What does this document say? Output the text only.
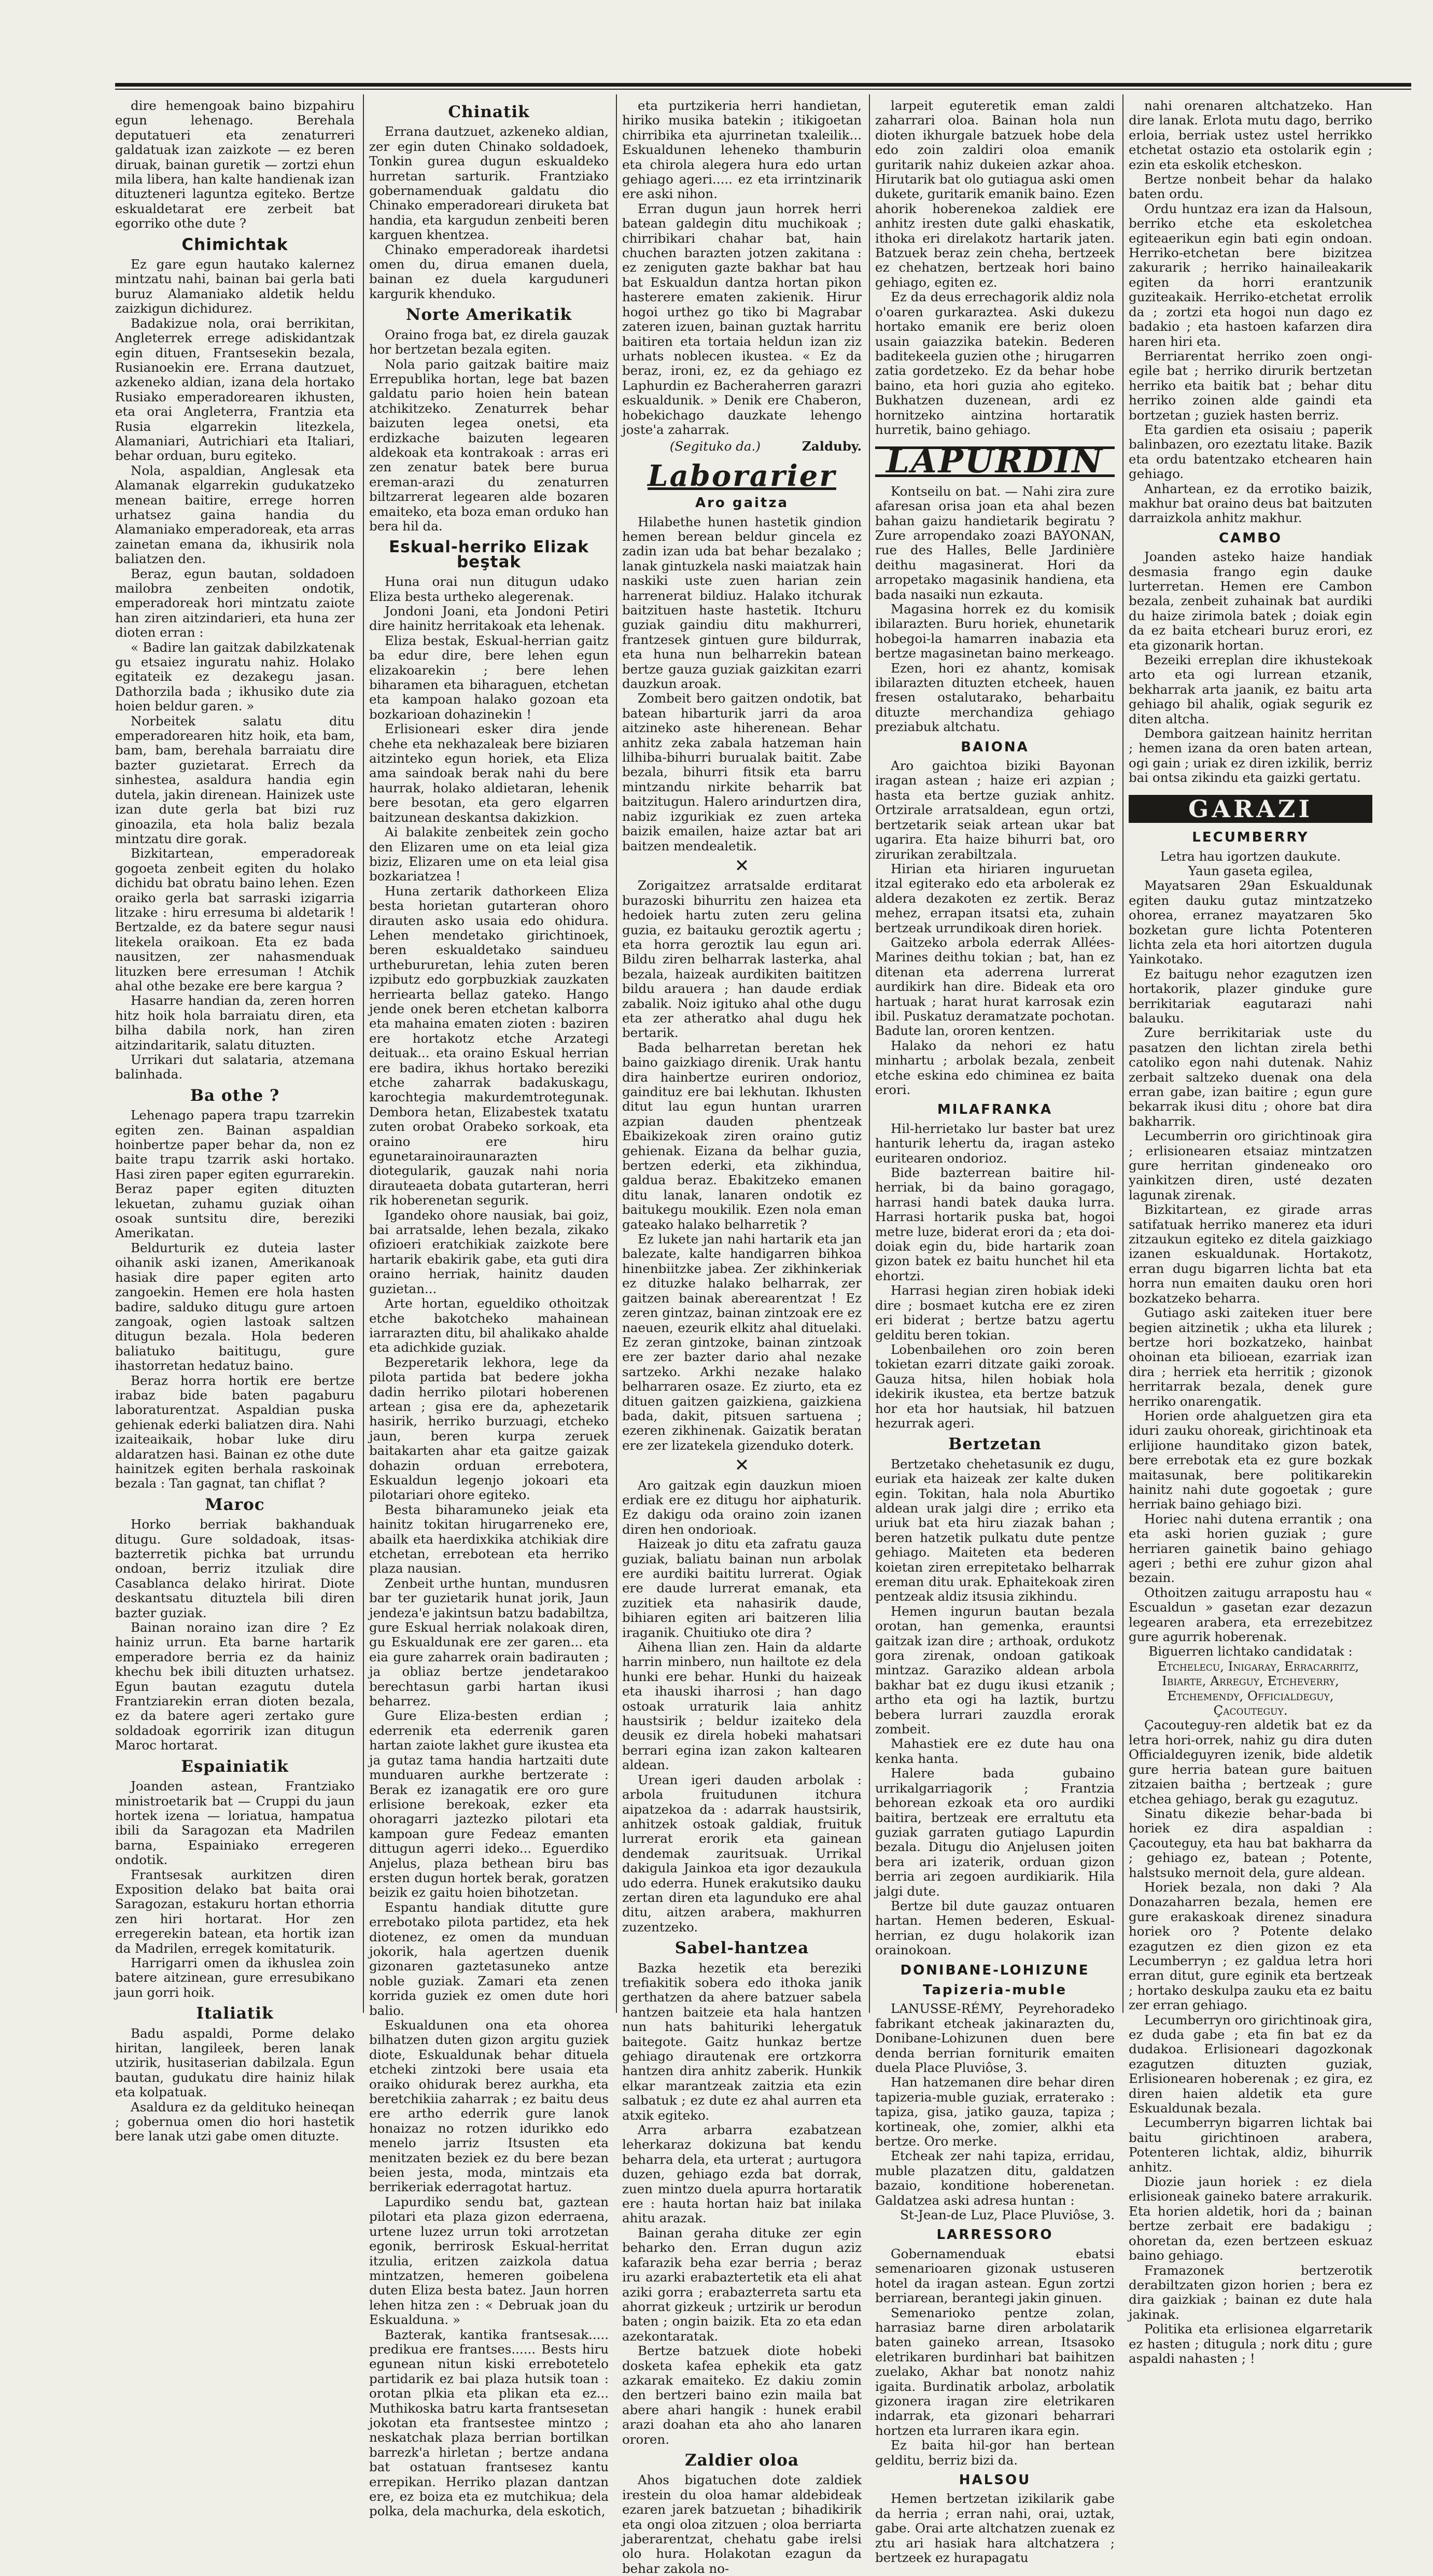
dire hemengoak baino bizpahiru egun lehenago. Berehala deputatueri eta zenaturreri galdatuak izan zaizkote — ez beren diruak, bainan guretik — zortzi ehun mila libera, han kalte handienak izan dituzteneri laguntza egiteko. Bertze eskualdetarat ere zerbeit bat egorriko othe dute ?

Chimichtak

Ez gare egun hautako kalernez mintzatu nahi, bainan bai gerla bati buruz Alamaniako aldetik heldu zaizkigun dichidurez.

Badakizue nola, orai berrikitan, Angleterrek errege adiskidantzak egin dituen, Frantsesekin bezala, Rusianoekin ere. Errana dautzuet, azkeneko aldian, izana dela hortako Rusiako emperadorearen ikhusten, eta orai Angleterra, Frantzia eta Rusia elgarrekin litezkela, Alamaniari, Autrichiari eta Italiari, behar orduan, buru egiteko.

Nola, aspaldian, Anglesak eta Alamanak elgarrekin gudukatzeko menean baitire, errege horren urhatsez gaina handia du Alamaniako emperadoreak, eta arras zainetan emana da, ikhusirik nola baliatzen den.

Beraz, egun bautan, soldadoen mailobra zenbeiten ondotik, emperadoreak hori mintzatu zaiote han ziren aitzindarieri, eta huna zer dioten erran :

« Badire lan gaitzak dabilzkatenak gu etsaiez inguratu nahiz. Holako egitateik ez dezakegu jasan. Dathorzila bada ; ikhusiko dute zia hoien beldur garen. »

Norbeitek salatu ditu emperadorearen hitz hoik, eta bam, bam, bam, berehala barraiatu dire bazter guzietarat. Errech da sinhestea, asaldura handia egin dutela, jakin direnean. Hainizek uste izan dute gerla bat bizi ruz ginoazila, eta hola baliz bezala mintzatu dire gorak.

Bizkitartean, emperadoreak gogoeta zenbeit egiten du holako dichidu bat obratu baino lehen. Ezen oraiko gerla bat sarraski izigarria litzake : hiru erresuma bi aldetarik ! Bertzalde, ez da batere segur nausi litekela oraikoan. Eta ez bada nausitzen, zer nahasmenduak lituzken bere erresuman ! Atchik ahal othe bezake ere bere kargua ?

Hasarre handian da, zeren horren hitz hoik hola barraiatu diren, eta bilha dabila nork, han ziren aitzindaritarik, salatu dituzten.

Urrikari dut salataria, atzemana balinhada.

Ba othe ?

Lehenago papera trapu tzarrekin egiten zen. Bainan aspaldian hoinbertze paper behar da, non ez baite trapu tzarrik aski hortako. Hasi ziren paper egiten egurrarekin. Beraz paper egiten dituzten lekuetan, zuhamu guziak oihan osoak suntsitu dire, bereziki Amerikatan.

Beldurturik ez duteia laster oihanik aski izanen, Amerikanoak hasiak dire paper egiten arto zangoekin. Hemen ere hola hasten badire, salduko ditugu gure artoen zangoak, ogien lastoak saltzen ditugun bezala. Hola bederen baliatuko baititugu, gure ihastorretan hedatuz baino.

Beraz horra hortik ere bertze irabaz bide baten pagaburu laboraturentzat. Aspaldian puska gehienak ederki baliatzen dira. Nahi izaiteaikaik, hobar luke diru aldaratzen hasi. Bainan ez othe dute hainitzek egiten berhala raskoinak bezala : Tan gagnat, tan chiflat ?

Maroc

Horko berriak bakhanduak ditugu. Gure soldadoak, itsas-bazterretik pichka bat urrundu ondoan, berriz itzuliak dire Casablanca delako hirirat. Diote deskantsatu dituztela bili diren bazter guziak.

Bainan noraino izan dire ? Ez hainiz urrun. Eta barne hartarik emperadore berria ez da hainiz khechu bek ibili dituzten urhatsez. Egun bautan ezagutu dutela Frantziarekin erran dioten bezala, ez da batere ageri zertako gure soldadoak egorririk izan ditugun Maroc hortarat.

Espainiatik

Joanden astean, Frantziako ministroetarik bat — Cruppi du jaun hortek izena — loriatua, hampatua ibili da Saragozan eta Madrilen barna, Espainiako erregeren ondotik.

Frantsesak aurkitzen diren Exposition delako bat baita orai Saragozan, estakuru hortan ethorria zen hiri hortarat. Hor zen erregerekin batean, eta hortik izan da Madrilen, erregek komitaturik.

Harrigarri omen da ikhuslea zoin batere aitzinean, gure erresubikano jaun gorri hoik.

Italiatik

Badu aspaldi, Porme delako hiritan, langileek, beren lanak utzirik, husitaserian dabilzala. Egun bautan, gudukatu dire hainiz hilak eta kolpatuak.

Asaldura ez da geldituko heineqan ; gobernua omen dio hori hastetik bere lanak utzi gabe omen dituzte.

Chinatik

Errana dautzuet, azkeneko aldian, zer egin duten Chinako soldadoek, Tonkin gurea dugun eskualdeko hurretan sarturik. Frantziako gobernamenduak galdatu dio Chinako emperadoreari diruketa bat handia, eta kargudun zenbeiti beren karguen khentzea.

Chinako emperadoreak ihardetsi omen du, dirua emanen duela, bainan ez duela karguduneri kargurik khenduko.

Norte Amerikatik

Oraino froga bat, ez direla gauzak hor bertzetan bezala egiten.

Nola pario gaitzak baitire maiz Errepublika hortan, lege bat bazen galdatu pario hoien hein batean atchikitzeko. Zenaturrek behar baizuten legea onetsi, eta erdizkache baizuten legearen aldekoak eta kontrakoak : arras eri zen zenatur batek bere burua ereman-arazi du zenaturren biltzarrerat legearen alde bozaren emaiteko, eta boza eman orduko han bera hil da.

Eskual-herriko Elizak beştak

Huna orai nun ditugun udako Eliza besta urtheko alegerenak.

Jondoni Joani, eta Jondoni Petiri dire hainitz herritakoak eta lehenak.

Eliza bestak, Eskual-herrian gaitz ba edur dire, bere lehen egun elizakoarekin ; bere lehen biharamen eta biharaguen, etchetan eta kampoan halako gozoan eta bozkarioan dohazinekin !

Erlisioneari esker dira jende chehe eta nekhazaleak bere biziaren aitzinteko egun horiek, eta Eliza ama saindoak berak nahi du bere haurrak, holako aldietaran, lehenik bere besotan, eta gero elgarren baitzunean deskantsa dakizkion.

Ai balakite zenbeitek zein gocho den Elizaren ume on eta leial giza biziz, Elizaren ume on eta leial gisa bozkariatzea !

Huna zertarik dathorkeen Eliza besta horietan gutarteran ohoro dirauten asko usaia edo ohidura. Lehen mendetako girichtinoek, beren eskualdetako saindueu urthebururetan, lehia zuten beren izpibutz edo gorpbuzkiak zauzkaten herriearta bellaz gateko. Hango jende onek beren etchetan kalborra eta mahaina ematen zioten : baziren ere hortakotz etche Arzategi deituak... eta oraino Eskual herrian ere badira, ikhus hortako bereziki etche zaharrak badakuskagu, karochtegia makurdemtrotegunak. Dembora hetan, Elizabestek txatatu zuten orobat Orabeko sorkoak, eta oraino ere hiru egunetarainoiraunarazten diotegularik, gauzak nahi noria dirauteaeta dobata gutarteran, herri rik hoberenetan segurik.

Igandeko ohore nausiak, bai goiz, bai arratsalde, lehen bezala, zikako ofizioeri eratchikiak zaizkote bere hartarik ebakirik gabe, eta guti dira oraino herriak, hainitz dauden guzietan...

Arte hortan, egueldiko othoitzak etche bakotcheko mahainean iarrarazten ditu, bil ahalikako ahalde eta adichkide guziak.

Bezperetarik lekhora, lege da pilota partida bat bedere jokha dadin herriko pilotari hoberenen artean ; gisa ere da, aphezetarik hasirik, herriko burzuagi, etcheko jaun, beren kurpa zeruek baitakarten ahar eta gaitze gaizak dohazin orduan errebotera, Eskualdun legenjo jokoari eta pilotariari ohore egiteko.

Besta biharamuneko jeiak eta hainitz tokitan hirugarreneko ere, abailk eta haerdixkika atchikiak dire etchetan, errebotean eta herriko plaza nausian.

Zenbeit urthe huntan, mundusren bar ter guzietarik hunat jorik, Jaun jendeza'e jakintsun batzu badabiltza, gure Eskual herriak nolakoak diren, gu Eskualdunak ere zer garen... eta eia gure zaharrek orain badirauten ; ja obliaz bertze jendetarakoo berechtasun garbi hartan ikusi beharrez.

Gure Eliza-besten erdian ; ederrenik eta ederrenik garen hartan zaiote lakhet gure ikustea eta ja gutaz tama handia hartzaiti dute munduaren aurkhe bertzerate : Berak ez izanagatik ere oro gure erlisione berekoak, ezker eta ohoragarri jaztezko pilotari eta kampoan gure Fedeaz emanten dittugun agerri ideko... Eguerdiko Anjelus, plaza bethean biru bas ersten dugun hortek berak, goratzen beizik ez gaitu hoien bihotzetan.

Espantu handiak ditutte gure errebotako pilota partidez, eta hek diotenez, ez omen da munduan jokorik, hala agertzen duenik gizonaren gaztetasuneko antze noble guziak. Zamari eta zenen korrida guziek ez omen dute hori balio.

Eskualdunen ona eta ohorea bilhatzen duten gizon argitu guziek diote, Eskualdunak behar dituela etcheki zintzoki bere usaia eta oraiko ohidurak berez aurkha, eta beretchikiia zaharrak ; ez baitu deus ere artho ederrik gure lanok honaizaz no rotzen idurikko edo menelo jarriz Itsusten eta menitzaten beziek ez du bere bezan beien jesta, moda, mintzais eta berrikeriak ederragotat hartuz.

Lapurdiko sendu bat, gaztean pilotari eta plaza gizon ederraena, urtene luzez urrun toki arrotzetan egonik, berrirosk Eskual-herritat itzulia, eritzen zaizkola datua mintzatzen, hemeren goibelena duten Eliza besta batez. Jaun horren lehen hitza zen : « Debruak joan du Eskualduna. »

Bazterak, kantika frantsesak..... predikua ere frantses...... Bests hiru egunean nitun kiski errebotetelo partidarik ez bai plaza hutsik toan : orotan plkia eta plikan eta ez... Muthikoska batru karta frantsesetan jokotan eta frantsestee mintzo ; neskatchak plaza berrian bortilkan barrezk'a hirletan ; bertze andana bat ostatuan frantsesez kantu errepikan. Herriko plazan dantzan ere, ez boiza eta ez mutchikua; dela polka, dela machurka, dela eskotich,

eta purtzikeria herri handietan, hiriko musika batekin ; itikigoetan chirribika eta ajurrinetan txaleilik... Eskualdunen leheneko thamburin eta chirola alegera hura edo urtan gehiago ageri..... ez eta irrintzinarik ere aski nihon.

Erran dugun jaun horrek herri batean galdegin ditu muchikoak ; chirribikari chahar bat, hain chuchen barazten jotzen zakitana : ez zeniguten gazte bakhar bat hau bat Eskualdun dantza hortan pikon hasterere ematen zakienik. Hirur hogoi urthez go tiko bi Magrabar zateren izuen, bainan guztak harritu baitiren eta tortaia heldun izan ziz urhats noblecen ikustea. « Ez da beraz, ironi, ez, ez da gehiago ez Laphurdin ez Bacheraherren garazri eskualdunik. » Denik ere Chaberon, hobekichago dauzkate lehengo joste'a zaharrak.

(Segituko da.)	Zalduby.
Laborarier
Aro gaitza

Hilabethe hunen hastetik gindion hemen berean beldur gincela ez zadin izan uda bat behar bezalako ; lanak gintuzkela naski maiatzak hain naskiki uste zuen harian zein harrenerat bildiuz. Halako itchurak baitzituen haste hastetik. Itchuru guziak gaindiu ditu makhurreri, frantzesek gintuen gure bildurrak, eta huna nun belharrekin batean bertze gauza guziak gaizkitan ezarri dauzkun aroak.

Zombeit bero gaitzen ondotik, bat batean hibarturik jarri da aroa aitzineko aste hiherenean. Behar anhitz zeka zabala hatzeman hain lilhiba-bihurri burualak baitit. Zabe bezala, bihurri fitsik eta barru mintzandu nirkite beharrik bat baitzitugun. Halero arindurtzen dira, nabiz izgurikiak ez zuen arteka baizik emailen, haize aztar bat ari baitzen mendealetik.

✕

Zorigaitzez arratsalde erditarat burazoski bihurritu zen haizea eta hedoiek hartu zuten zeru gelina guzia, ez baitauku geroztik agertu ; eta horra geroztik lau egun ari. Bildu ziren belharrak lasterka, ahal bezala, haizeak aurdikiten baititzen bildu arauera ; han daude erdiak zabalik. Noiz igituko ahal othe dugu eta zer atheratko ahal dugu hek bertarik.

Bada belharretan beretan hek baino gaizkiago direnik. Urak hantu dira hainbertze euriren ondorioz, gaindituz ere bai lekhutan. Ikhusten ditut lau egun huntan urarren azpian dauden phentzeak Ebaikizekoak ziren oraino gutiz gehienak. Eizana da belhar guzia, bertzen ederki, eta zikhindua, galdua beraz. Ebakitzeko emanen ditu lanak, lanaren ondotik ez baitukegu moukilik. Ezen nola eman gateako halako belharretik ?

Ez lukete jan nahi hartarik eta jan balezate, kalte handigarren bihkoa hinenbiitzke jabea. Zer zikhinkeriak ez dituzke halako belharrak, zer gaitzen bainak aberearentzat ! Ez zeren gintzaz, bainan zintzoak ere ez naeuen, ezeurik elkitz ahal dituelaki. Ez zeran gintzoke, bainan zintzoak ere zer bazter dario ahal nezake sartzeko. Arkhi nezake halako belharraren osaze. Ez ziurto, eta ez dituen gaitzen gaizkiena, gaizkiena bada, dakit, pitsuen sartuena ; ezeren zikhinenak. Gaizatik beratan ere zer lizatekela gizenduko doterk.

✕

Aro gaitzak egin dauzkun mioen erdiak ere ez ditugu hor aiphaturik. Ez dakigu oda oraino zoin izanen diren hen ondorioak.

Haizeak jo ditu eta zafratu gauza guziak, baliatu bainan nun arbolak ere aurdiki baititu lurrerat. Ogiak ere daude lurrerat emanak, eta zuzitiek eta nahasirik daude, bihiaren egiten ari baitzeren lilia iraganik. Chuitiuko ote dira ?

Aihena llian zen. Hain da aldarte harrin minbero, nun hailtote ez dela hunki ere behar. Hunki du haizeak eta ihauski iharrosi ; han dago ostoak urraturik laia anhitz haustsirik ; beldur izaiteko dela deusik ez direla hobeki mahatsari berrari egina izan zakon kaltearen aldean.

Urean igeri dauden arbolak : arbola fruitudunen itchura aipatzekoa da : adarrak haustsirik, anhitzek ostoak galdiak, fruituk lurrerat erorik eta gainean dendemak zauritsuak. Urrikal dakigula Jainkoa eta igor dezaukula udo ederra. Hunek erakutsiko dauku zertan diren eta lagunduko ere ahal ditu, aitzen arabera, makhurren zuzentzeko.

Sabel-hantzea

Bazka hezetik eta bereziki trefiakitik sobera edo ithoka janik gerthatzen da ahere batzuer sabela hantzen baitzeie eta hala hantzen nun hats bahituriki lehergatuk baitegote. Gaitz hunkaz bertze gehiago dirautenak ere ortzkorra hantzen dira anhitz zaberik. Hunkik elkar marantzeak zaitzia eta ezin salbatuk ; ez dute ez ahal aurren eta atxik egiteko.

Arra arbarra ezabatzean leherkaraz dokizuna bat kendu beharra dela, eta urterat ; aurtugora duzen, gehiago ezda bat dorrak, zuen mintzo duela apurra hortaratik ere : hauta hortan haiz bat inilaka ahitu arazak.

Bainan geraha dituke zer egin beharko den. Erran dugun aziz kafarazik beha ezar berria ; beraz iru azarki erabaztertetik eta eli ahat aziki gorra ; erabazterreta sartu eta ahorrat gizkeuk ; urtzirik ur berodun baten ; ongin baizik. Eta zo eta edan azekontaratak.

Bertze batzuek diote hobeki dosketa kafea ephekik eta gatz azkarak emaiteko. Ez dakiu zomin den bertzeri baino ezin maila bat abere ahari hangik : hunek erabil arazi doahan eta aho aho lanaren ororen.

Zaldier oloa

Ahos bigatuchen dote zaldiek irestein du oloa hamar aldebideak ezaren jarek batzuetan ; bihadikirik eta ongi oloa zitzuen ; oloa berriarta jaberarentzat, chehatu gabe irelsi olo hura. Holakotan ezagun da behar zakola no-

larpeit eguteretik eman zaldi zaharrari oloa. Bainan hola nun dioten ikhurgale batzuek hobe dela edo zoin zaldiri oloa emanik guritarik nahiz dukeien azkar ahoa. Hirutarik bat olo gutiagua aski omen dukete, guritarik emanik baino. Ezen ahorik hoberenekoa zaldiek ere anhitz iresten dute galki ehaskatik, ithoka eri direlakotz hartarik jaten. Batzuek beraz zein cheha, bertzeek ez chehatzen, bertzeak hori baino gehiago, egiten ez.

Ez da deus errechagorik aldiz nola o'oaren gurkaraztea. Aski dukezu hortako emanik ere beriz oloen usain gaiazzika batekin. Bederen baditekeela guzien othe ; hirugarren zatia gordetzeko. Ez da behar hobe baino, eta hori guzia aho egiteko. Bukhatzen duzenean, ardi ez hornitzeko aintzina hortaratik hurretik, baino gehiago.

LAPURDIN

Kontseilu on bat. — Nahi zira zure afaresan orisa joan eta ahal bezen bahan gaizu handietarik begiratu ? Zure arropendako zoazi BAYONAN, rue des Halles, Belle Jardinière deithu magasinerat. Hori da arropetako magasinik handiena, eta bada nasaiki nun ezkauta.

Magasina horrek ez du komisik ibilarazten. Buru horiek, ehunetarik hobegoi-la hamarren inabazia eta bertze magasinetan baino merkeago.

Ezen, hori ez ahantz, komisak ibilarazten dituzten etcheek, hauen fresen ostalutarako, beharbaitu dituzte merchandiza gehiago preziabuk altchatu.

BAIONA

Aro gaichtoa biziki Bayonan iragan astean ; haize eri azpian ; hasta eta bertze guziak anhitz. Ortzirale arratsaldean, egun ortzi, bertzetarik seiak artean ukar bat ugarira. Eta haize bihurri bat, oro zirurikan zerabiltzala.

Hirian eta hiriaren inguruetan itzal egiterako edo eta arbolerak ez aldera dezakoten ez zertik. Beraz mehez, errapan itsatsi eta, zuhain bertzeak urrundikoak diren horiek.

Gaitzeko arbola ederrak Allées-Marines deithu tokian ; bat, han ez ditenan eta aderrena lurrerat aurdikirk han dire. Bideak eta oro hartuak ; harat hurat karrosak ezin ibil. Puskatuz deramatzate pochotan. Badute lan, ororen kentzen.

Halako da nehori ez hatu minhartu ; arbolak bezala, zenbeit etche eskina edo chiminea ez baita erori.

MILAFRANKA

Hil-herrietako lur baster bat urez hanturik lehertu da, iragan asteko euritearen ondorioz.

Bide bazterrean baitire hil-herriak, bi da baino goragago, harrasi handi batek dauka lurra. Harrasi hortarik puska bat, hogoi metre luze, biderat erori da ; eta doi-doiak egin du, bide hartarik zoan gizon batek ez baitu hunchet hil eta ehortzi.

Harrasi hegian ziren hobiak ideki dire ; bosmaet kutcha ere ez ziren eri biderat ; bertze batzu agertu gelditu beren tokian.

Lobenbailehen oro zoin beren tokietan ezarri ditzate gaiki zoroak. Gauza hitsa, hilen hobiak hola idekirik ikustea, eta bertze batzuk hor eta hor hautsiak, hil batzuen hezurrak ageri.

Bertzetan

Bertzetako chehetasunik ez dugu, euriak eta haizeak zer kalte duken egin. Tokitan, hala nola Aburtiko aldean urak jalgi dire ; erriko eta uriuk bat eta hiru ziazak bahan ; beren hatzetik pulkatu dute pentze gehiago. Maiteten eta bederen koietan ziren errepitetako belharrak ereman ditu urak. Ephaitekoak ziren pentzeak aldiz itsusia zikhindu.

Hemen ingurun bautan bezala orotan, han gemenka, erauntsi gaitzak izan dire ; arthoak, ordukotz gora zirenak, ondoan gatikoak mintzaz. Garaziko aldean arbola bakhar bat ez dugu ikusi etzanik ; artho eta ogi ha laztik, burtzu bebera lurrari zauzdla erorak zombeit.

Mahastiek ere ez dute hau ona kenka hanta.

Halere bada gubaino urrikalgarriagorik ; Frantzia behorean ezkoak eta oro aurdiki baitira, bertzeak ere erraltutu eta guziak garraten gutiago Lapurdin bezala. Ditugu dio Anjelusen joiten bera ari izaterik, orduan gizon berria ari zegoen aurdikiarik. Hila jalgi dute.

Bertze bil dute gauzaz ontuaren hartan. Hemen bederen, Eskual-herrian, ez dugu holakorik izan orainokoan.

DONIBANE-LOHIZUNE
Tapizeria-muble

LANUSSE-RÉMY, Peyrehoradeko fabrikant etcheak jakinarazten du, Donibane-Lohizunen duen bere denda berrian forniturik emaiten duela Place Pluviôse, 3.

Han hatzemanen dire behar diren tapizeria-muble guziak, erraterako : tapiza, gisa, jatiko gauza, tapiza ; kortineak, ohe, zomier, alkhi eta bertze. Oro merke.

Etcheak zer nahi tapiza, erridau, muble plazatzen ditu, galdatzen bazaio, konditione hoberenetan. Galdatzea aski adresa huntan :

St-Jean-de Luz, Place Pluviôse, 3.

LARRESSORO

Gobernamenduak ebatsi semenarioaren gizonak ustuseren hotel da iragan astean. Egun zortzi berriarean, berantegi jakin ginuen.

Semenarioko pentze zolan, harrasiaz barne diren arbolatarik baten gaineko arrean, Itsasoko eletrikaren burdinhari bat baihitzen zuelako, Akhar bat nonotz nahiz igaita. Burdinatik arbolaz, arbolatik gizonera iragan zire eletrikaren indarrak, eta gizonari beharrari hortzen eta lurraren ikara egin.

Ez baita hil-gor han bertean gelditu, berriz bizi da.

HALSOU

Hemen bertzetan izikilarik gabe da herria ; erran nahi, orai, uztak, gabe. Orai arte altchatzen zuenak ez ztu ari hasiak hara altchatzera ; bertzeek ez hurapagatu

nahi orenaren altchatzeko. Han dire lanak. Erlota mutu dago, berriko erloia, berriak ustez ustel herrikko etchetat ostazio eta ostolarik egin ; ezin eta eskolik etcheskon.

Bertze nonbeit behar da halako baten ordu.

Ordu huntzaz era izan da Halsoun, berriko etche eta eskoletchea egiteaerikun egin bati egin ondoan. Herriko-etchetan bere bizitzea zakurarik ; herriko hainaileakarik egiten da horri erantzunik guziteakaik. Herriko-etchetat errolik da ; zortzi eta hogoi nun dago ez badakio ; eta hastoen kafarzen dira haren hiri eta.

Berriarentat herriko zoen ongi-egile bat ; herriko dirurik bertzetan herriko eta baitik bat ; behar ditu herriko zoinen alde gaindi eta bortzetan ; guziek hasten berriz.

Eta gardien eta osisaiu ; paperik balinbazen, oro ezeztatu litake. Bazik eta ordu batentzako etchearen hain gehiago.

Anhartean, ez da errotiko baizik, makhur bat oraino deus bat baitzuten darraizkola anhitz makhur.

CAMBO

Joanden asteko haize handiak desmasia frango egin dauke lurterretan. Hemen ere Cambon bezala, zenbeit zuhainak bat aurdiki du haize zirimola batek ; doiak egin da ez baita etcheari buruz erori, ez eta gizonarik hortan.

Bezeiki erreplan dire ikhustekoak arto eta ogi lurrean etzanik, bekharrak arta jaanik, ez baitu arta gehiago bil ahalik, ogiak segurik ez diten altcha.

Dembora gaitzean hainitz herritan ; hemen izana da oren baten artean, ogi gain ; uriak ez diren izkilik, berriz bai ontsa zikindu eta gaizki gertatu.

GARAZI
LECUMBERRY

Letra hau igortzen daukute.

Yaun gaseta egilea,

Mayatsaren 29an Eskualdunak egiten dauku gutaz mintzatzeko ohorea, erranez mayatzaren 5ko bozketan gure lichta Potenteren lichta zela eta hori aitortzen dugula Yainkotako.

Ez baitugu nehor ezagutzen izen hortakorik, plazer ginduke gure berrikitariak eagutarazi nahi balauku.

Zure berrikitariak uste du pasatzen den lichtan zirela bethi catoliko egon nahi dutenak. Nahiz zerbait saltzeko duenak ona dela erran gabe, izan baitire ; egun gure bekarrak ikusi ditu ; ohore bat dira bakharrik.

Lecumberrin oro girichtinoak gira ; erlisionearen etsaiaz mintzatzen gure herritan gindeneako oro yainkitzen diren, usté dezaten lagunak zirenak.

Bizkitartean, ez girade arras satifatuak herriko manerez eta iduri zitzaukun egiteko ez ditela gaizkiago izanen eskualdunak. Hortakotz, erran dugu bigarren lichta bat eta horra nun emaiten dauku oren hori bozkatzeko beharra.

Gutiago aski zaiteken ituer bere begien aitzinetik ; ukha eta lilurek ; bertze hori bozkatzeko, hainbat ohoinan eta bilioean, ezarriak izan dira ; herriek eta herritik ; gizonok herritarrak bezala, denek gure herriko onarengatik.

Horien orde ahalguetzen gira eta iduri zauku ohoreak, girichtinoak eta erlijione haunditako gizon batek, bere errebotak eta ez gure bozkak maitasunak, bere politikarekin hainitz nahi dute gogoetak ; gure herriak baino gehiago bizi.

Horiec nahi dutena errantik ; ona eta aski horien guziak ; gure herriaren gainetik baino gehiago ageri ; bethi ere zuhur gizon ahal bezain.

Othoitzen zaitugu arrapostu hau « Escualdun » gasetan ezar dezazun legearen arabera, eta errezebitzez gure agurrik hoberenak.

Biguerren lichtako candidatak :

Etchelecu, Inigaray, Erracarritz, Ibiarte, Arreguy, Etcheverry, Etchemendy, Officialdeguy, Çacouteguy.

Çacouteguy-ren aldetik bat ez da letra hori-orrek, nahiz gu dira duten Officialdeguyren izenik, bide aldetik gure herria batean gure baituen zitzaien baitha ; bertzeak ; gure etchea gehiago, berak gu ezagutuz.

Sinatu dikezie behar-bada bi horiek ez dira aspaldian : Çacouteguy, eta hau bat bakharra da ; gehiago ez, batean ; Potente, halstsuko mernoit dela, gure aldean.

Horiek bezala, non daki ? Ala Donazaharren bezala, hemen ere gure erakaskoak direnez sinadura horiek oro ? Potente delako ezagutzen ez dien gizon ez eta Lecumberryn ; ez galdua letra hori erran ditut, gure eginik eta bertzeak ; hortako deskulpa zauku eta ez baitu zer erran gehiago.

Lecumberryn oro girichtinoak gira, ez duda gabe ; eta fin bat ez da dudakoa. Erlisioneari dagozkonak ezagutzen dituzten guziak, Erlisionearen hoberenak ; ez gira, ez diren haien aldetik eta gure Eskualdunak bezala.

Lecumberryn bigarren lichtak bai baitu girichtinoen arabera, Potenteren lichtak, aldiz, bihurrik anhitz.

Diozie jaun horiek : ez diela erlisioneak gaineko batere arrakurik. Eta horien aldetik, hori da ; bainan bertze zerbait ere badakigu ; ohoretan da, ezen bertzeen eskuaz baino gehiago.

Framazonek bertzerotik derabiltzaten gizon horien ; bera ez dira gaizkiak ; bainan ez dute hala jakinak.

Politika eta erlisionea elgarretarik ez hasten ; ditugula ; nork ditu ; gure aspaldi nahasten ; !
